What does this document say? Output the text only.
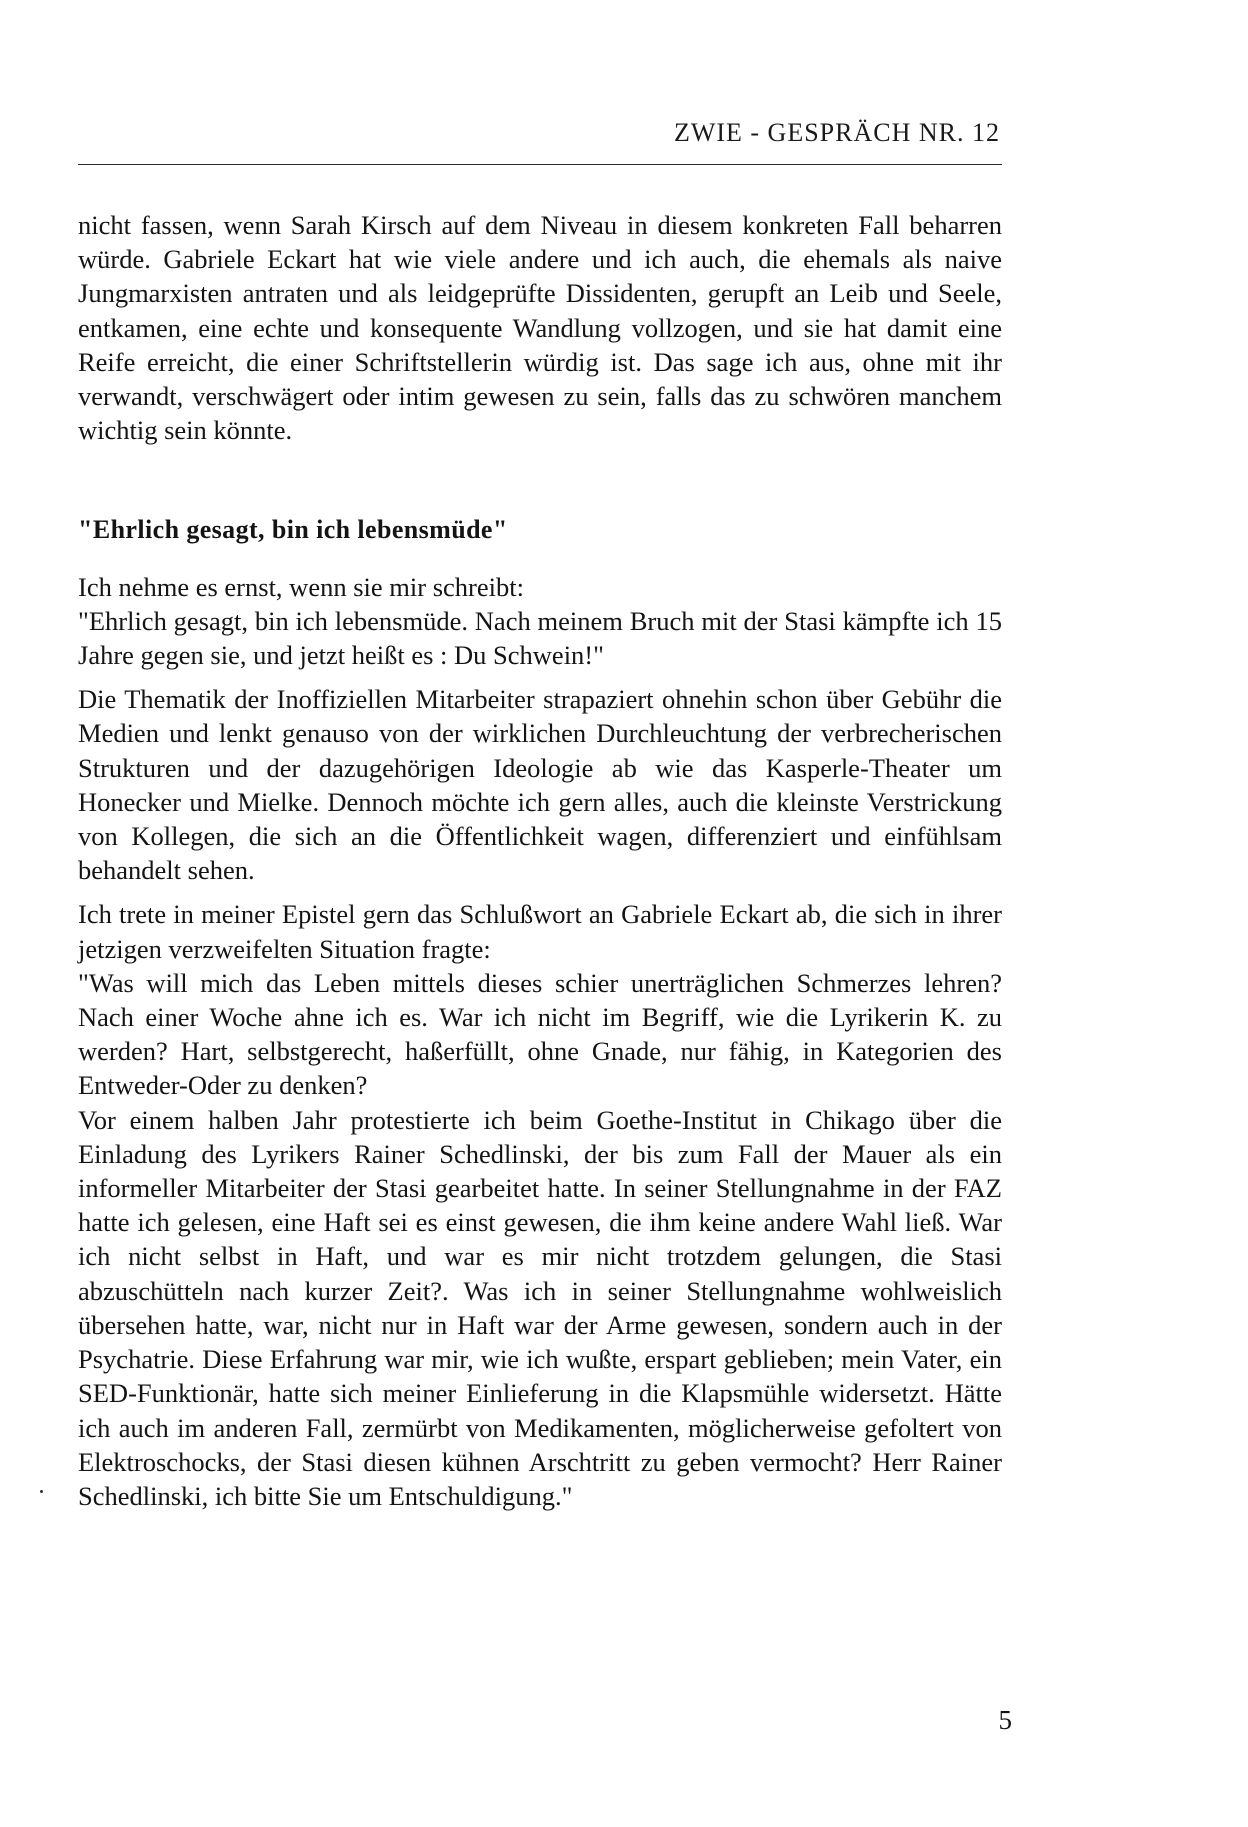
ZWIE - GESPRÄCH NR. 12

nicht fassen, wenn Sarah Kirsch auf dem Niveau in diesem konkreten Fall beharren würde. Gabriele Eckart hat wie viele andere und ich auch, die ehemals als naive Jungmarxisten antraten und als leidgeprüfte Dissidenten, gerupft an Leib und Seele, entkamen, eine echte und konsequente Wandlung vollzogen, und sie hat damit eine Reife erreicht, die einer Schriftstellerin würdig ist. Das sage ich aus, ohne mit ihr verwandt, verschwägert oder intim gewesen zu sein, falls das zu schwören manchem wichtig sein könnte.

"Ehrlich gesagt, bin ich lebensmüde"

Ich nehme es ernst, wenn sie mir schreibt:

"Ehrlich gesagt, bin ich lebensmüde. Nach meinem Bruch mit der Stasi kämpfte ich 15 Jahre gegen sie, und jetzt heißt es : Du Schwein!"

Die Thematik der Inoffiziellen Mitarbeiter strapaziert ohnehin schon über Gebühr die Medien und lenkt genauso von der wirklichen Durchleuchtung der verbrecherischen Strukturen und der dazugehörigen Ideologie ab wie das Kasperle-Theater um Honecker und Mielke. Dennoch möchte ich gern alles, auch die kleinste Verstrickung von Kollegen, die sich an die Öffentlichkeit wagen, differenziert und einfühlsam behandelt sehen.

Ich trete in meiner Epistel gern das Schlußwort an Gabriele Eckart ab, die sich in ihrer jetzigen verzweifelten Situation fragte:

"Was will mich das Leben mittels dieses schier unerträglichen Schmerzes lehren? Nach einer Woche ahne ich es. War ich nicht im Begriff, wie die Lyrikerin K. zu werden? Hart, selbstgerecht, haßerfüllt, ohne Gnade, nur fähig, in Kategorien des Entweder-Oder zu denken?

Vor einem halben Jahr protestierte ich beim Goethe-Institut in Chikago über die Einladung des Lyrikers Rainer Schedlinski, der bis zum Fall der Mauer als ein informeller Mitarbeiter der Stasi gearbeitet hatte. In seiner Stellungnahme in der FAZ hatte ich gelesen, eine Haft sei es einst gewesen, die ihm keine andere Wahl ließ. War ich nicht selbst in Haft, und war es mir nicht trotzdem gelungen, die Stasi abzuschütteln nach kurzer Zeit?. Was ich in seiner Stellungnahme wohlweislich übersehen hatte, war, nicht nur in Haft war der Arme gewesen, sondern auch in der Psychatrie. Diese Erfahrung war mir, wie ich wußte, erspart geblieben; mein Vater, ein SED-Funktionär, hatte sich meiner Einlieferung in die Klapsmühle widersetzt. Hätte ich auch im anderen Fall, zermürbt von Medikamenten, möglicherweise gefoltert von Elektroschocks, der Stasi diesen kühnen Arschtritt zu geben vermocht? Herr Rainer Schedlinski, ich bitte Sie um Entschuldigung."

5
